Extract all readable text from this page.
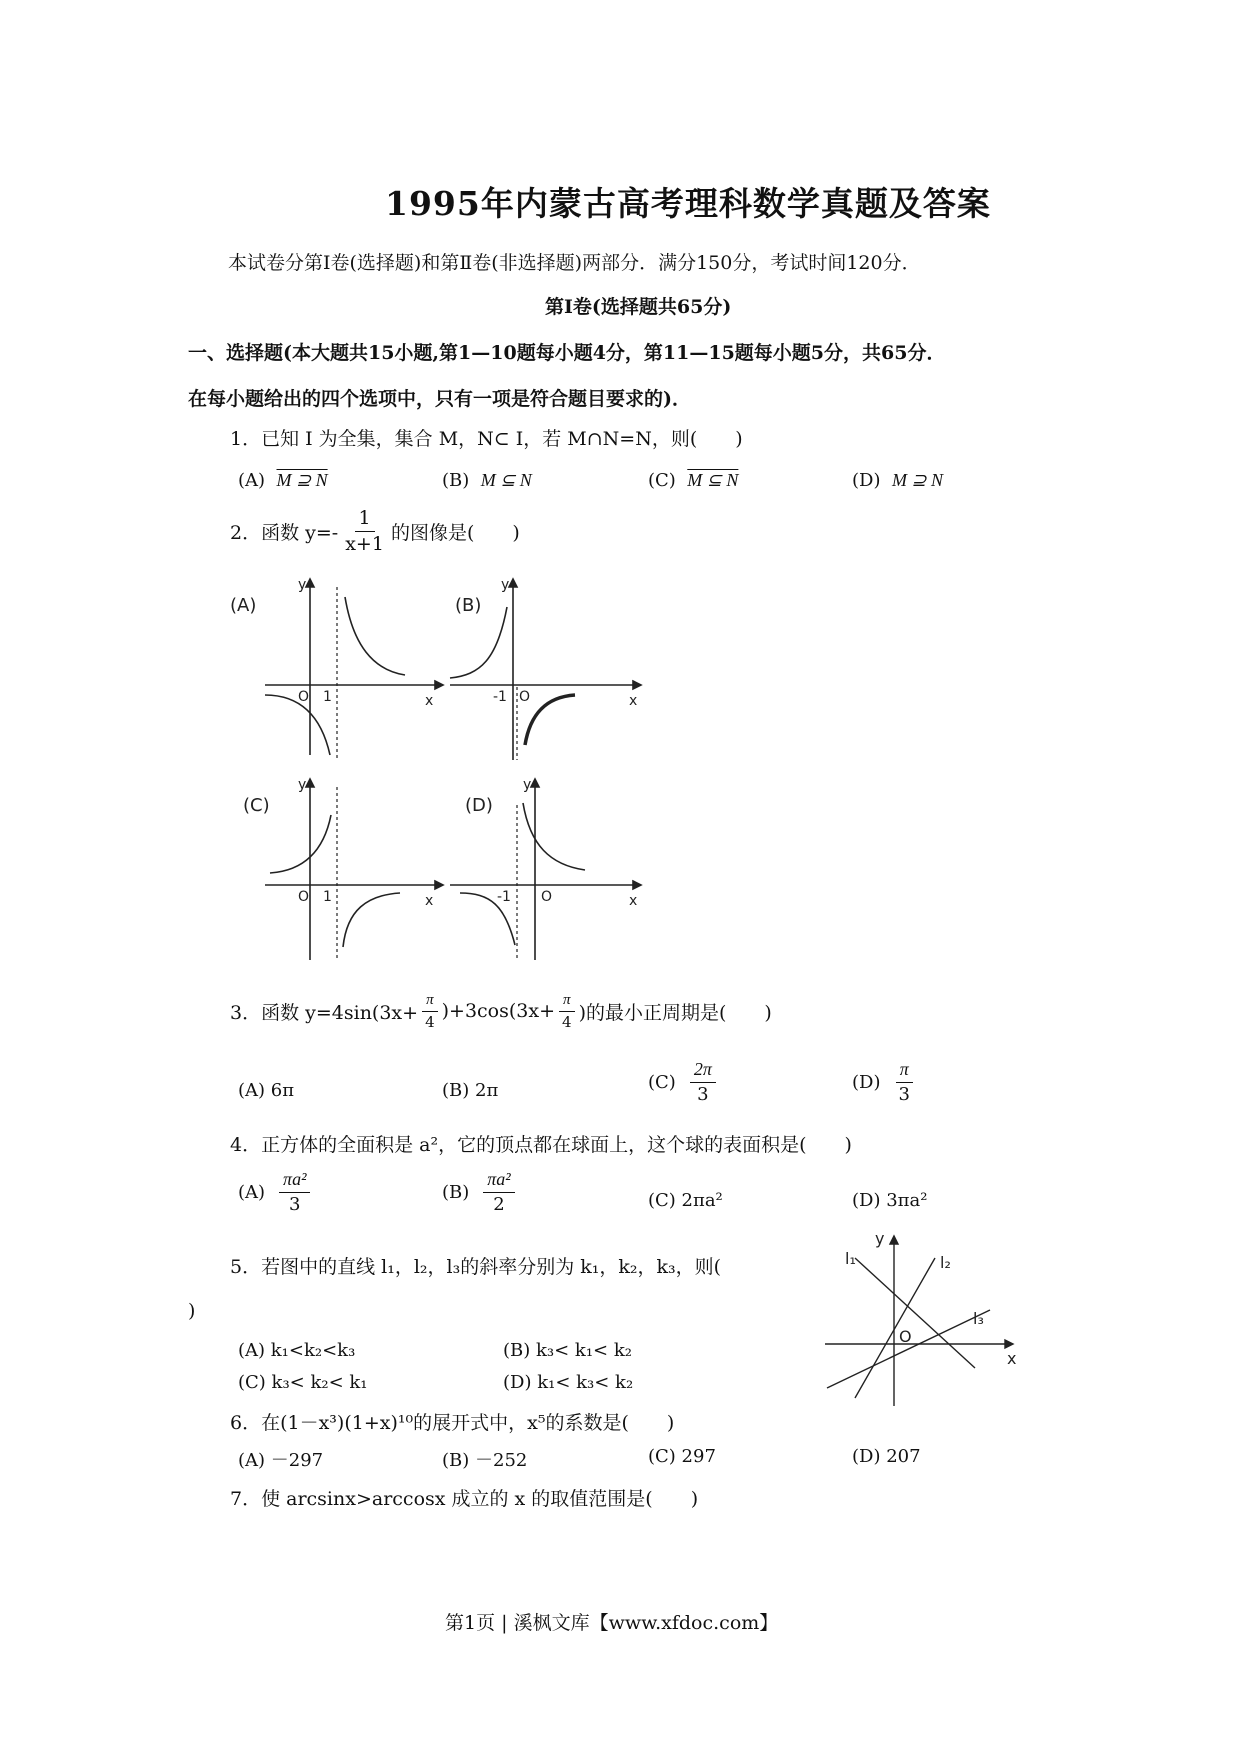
1995年内蒙古高考理科数学真题及答案
本试卷分第Ⅰ卷(选择题)和第Ⅱ卷(非选择题)两部分．满分150分，考试时间120分．
第Ⅰ卷(选择题共65分)
一、选择题(本大题共15小题,第1—10题每小题4分，第11—15题每小题5分，共65分．
在每小题给出的四个选项中，只有一项是符合题目要求的)．
1．已知 I 为全集，集合 M，N⊂ I，若 M∩N=N，则(　　)
(A) M ⊇ N	(B) M ⊆ N	(C) M ⊆ N	(D) M ⊇ N
2．函数 $y=- \frac{1}{x+1}$ 的图像是(　　)
(A)	(B)
(C)	(D)
y
x
O 1
y
x
O
-1
y
x
O 1
y
x
O
-1
3．函数 $y=4\sin(3x+ \frac{\pi}{4} )+3\cos(3x+ \frac{\pi}{4}$ )的最小正周期是(　　)
(A) 6π	(B) 2π	$(C) \frac{2\pi}{3}$	$(D) \frac{\pi}{3}$
4．正方体的全面积是 a²，它的顶点都在球面上，这个球的表面积是(　　)
$(A) \frac{\text{πa²}}{3}$	$(B) \frac{\text{πa²}}{2}$	(C) 2πa²	(D) 3πa²
5．若图中的直线 l₁，l₂，l₃的斜率分别为 k₁，k₂，k₃，则(
)
(A) k₁<k₂<k₃	(B) k₃< k₁< k₂
(C) k₃< k₂< k₁	(D) k₁< k₃< k₂
y
x
O
l₁	l₂
l₃
6．在(1－x³)(1+x)¹⁰的展开式中，x⁵的系数是(　　)
(A) －297	(B) －252	(C) 297	(D) 207
7．使 arcsinx>arccosx 成立的 x 的取值范围是(　　)
第1页 | 溪枫文库【www.xfdoc.com】
